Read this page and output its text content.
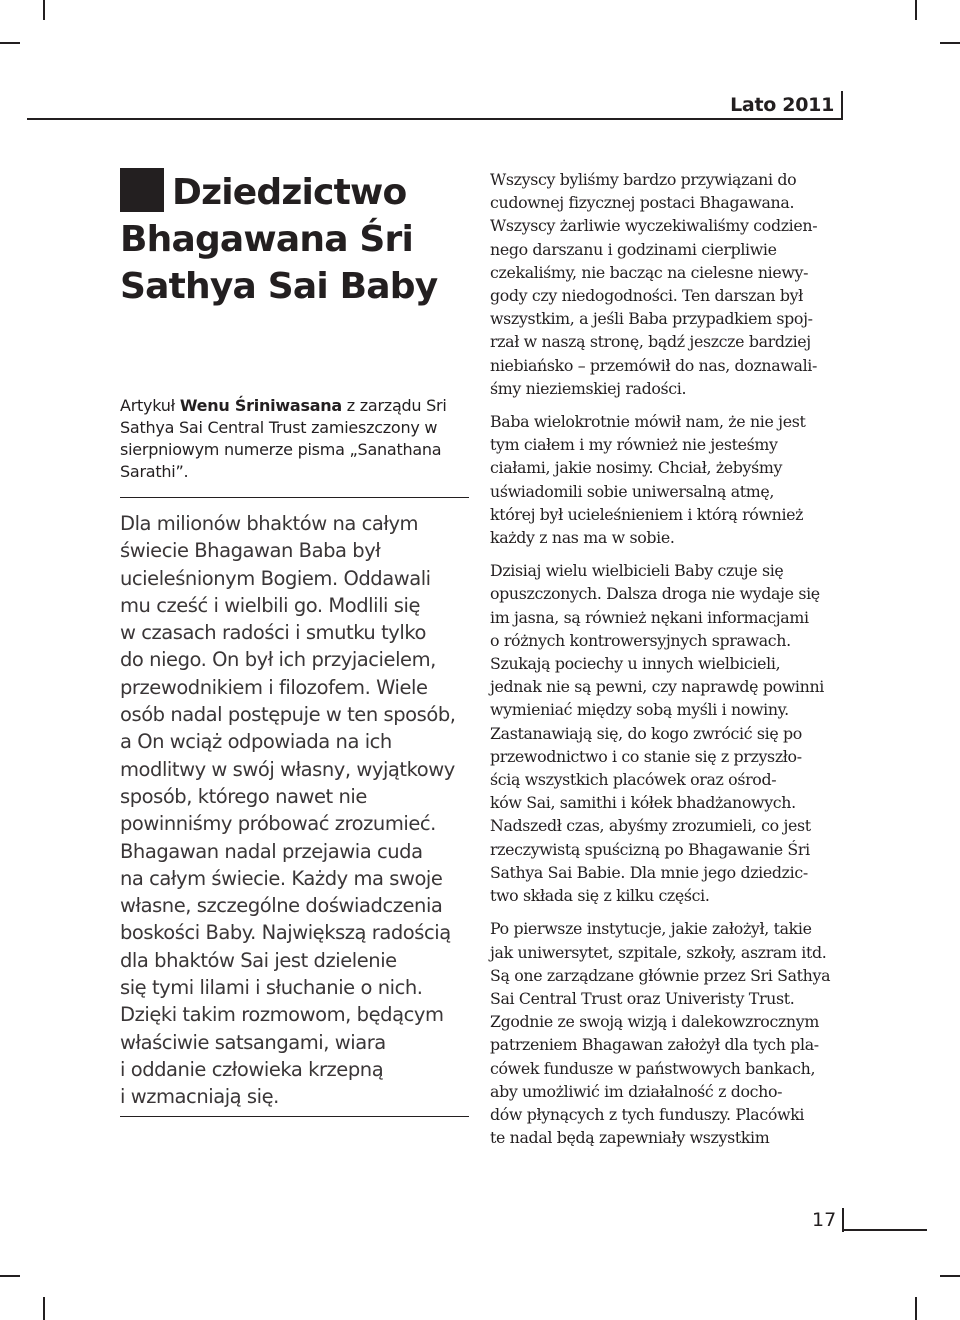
Lato 2011
Dziedzictwo
Bhagawana Śri
Sathya Sai Baby
Artykuł Wenu Śriniwasana z zarządu Sri Sathya Sai Central Trust zamieszczony w sierpniowym numerze pisma „Sanathana Sarathi”.
Dla milionów bhaktów na całym
świecie Bhagawan Baba był
ucieleśnionym Bogiem. Oddawali
mu cześć i wielbili go. Modlili się
w czasach radości i smutku tylko
do niego. On był ich przyjacielem,
przewodnikiem i filozofem. Wiele
osób nadal postępuje w ten sposób,
a On wciąż odpowiada na ich
modlitwy w swój własny, wyjątkowy
sposób, którego nawet nie
powinniśmy próbować zrozumieć.
Bhagawan nadal przejawia cuda
na całym świecie. Każdy ma swoje
własne, szczególne doświadczenia
boskości Baby. Największą radością
dla bhaktów Sai jest dzielenie
się tymi lilami i słuchanie o nich.
Dzięki takim rozmowom, będącym
właściwie satsangami, wiara
i oddanie człowieka krzepną
i wzmacniają się.

Wszyscy byliśmy bardzo przywiązani do
cudownej fizycznej postaci Bhagawana.
Wszyscy żarliwie wyczekiwaliśmy codzien-
nego darszanu i godzinami cierpliwie
czekaliśmy, nie bacząc na cielesne niewy-
gody czy niedogodności. Ten darszan był
wszystkim, a jeśli Baba przypadkiem spoj-
rzał w naszą stronę, bądź jeszcze bardziej
niebiańsko – przemówił do nas, doznawali-
śmy nieziemskiej radości.

Baba wielokrotnie mówił nam, że nie jest
tym ciałem i my również nie jesteśmy
ciałami, jakie nosimy. Chciał, żebyśmy
uświadomili sobie uniwersalną atmę,
której był ucieleśnieniem i którą również
każdy z nas ma w sobie.

Dzisiaj wielu wielbicieli Baby czuje się
opuszczonych. Dalsza droga nie wydaje się
im jasna, są również nękani informacjami
o różnych kontrowersyjnych sprawach.
Szukają pociechy u innych wielbicieli,
jednak nie są pewni, czy naprawdę powinni
wymieniać między sobą myśli i nowiny.
Zastanawiają się, do kogo zwrócić się po
przewodnictwo i co stanie się z przyszło-
ścią wszystkich placówek oraz ośrod-
ków Sai, samithi i kółek bhadżanowych.
Nadszedł czas, abyśmy zrozumieli, co jest
rzeczywistą spuścizną po Bhagawanie Śri
Sathya Sai Babie. Dla mnie jego dziedzic-
two składa się z kilku części.

Po pierwsze instytucje, jakie założył, takie
jak uniwersytet, szpitale, szkoły, aszram itd.
Są one zarządzane głównie przez Sri Sathya
Sai Central Trust oraz Univeristy Trust.
Zgodnie ze swoją wizją i dalekowzrocznym
patrzeniem Bhagawan założył dla tych pla-
cówek fundusze w państwowych bankach,
aby umożliwić im działalność z docho-
dów płynących z tych funduszy. Placówki
te nadal będą zapewniały wszystkim

17
